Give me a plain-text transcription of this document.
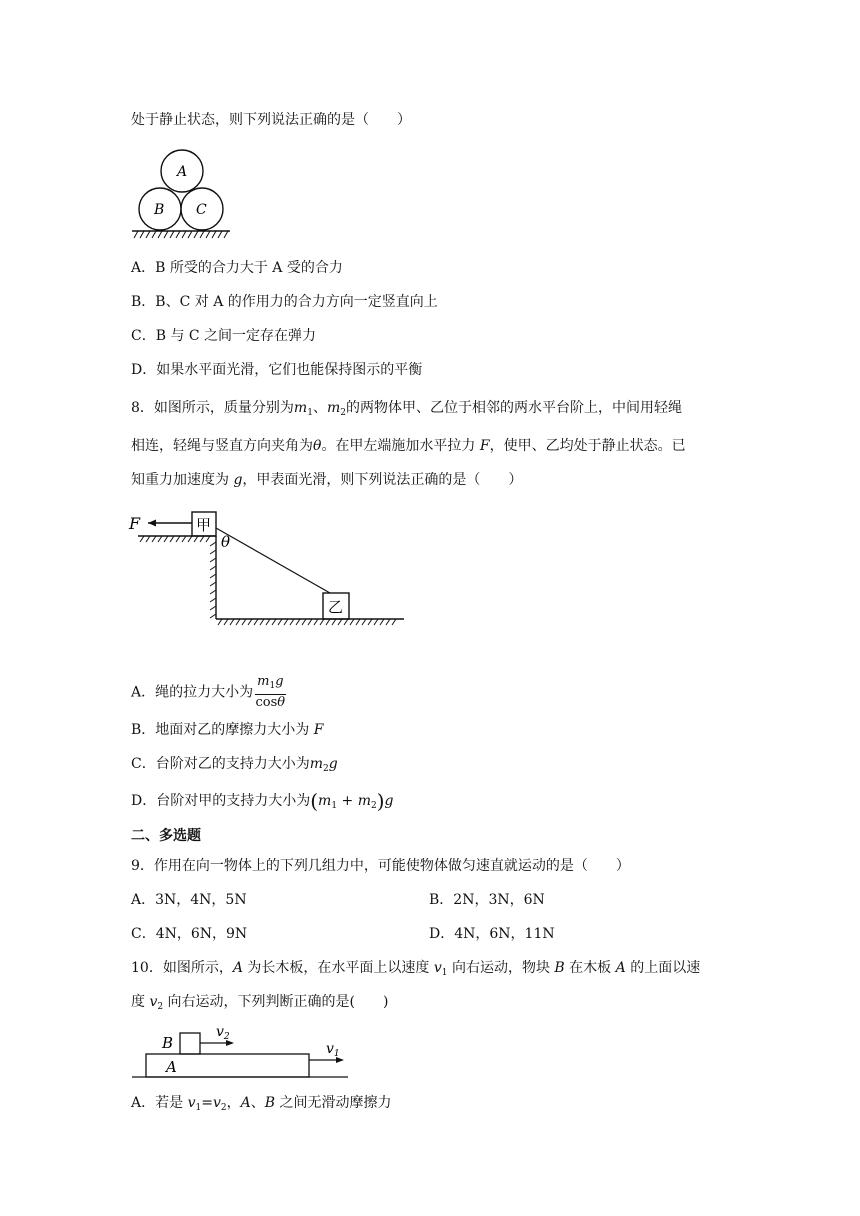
处于静止状态，则下列说法正确的是（　　）
A
B C
A．B 所受的合力大于 A 受的合力
B．B、C 对 A 的作用力的合力方向一定竖直向上
C．B 与 C 之间一定存在弹力
D．如果水平面光滑，它们也能保持图示的平衡
8．如图所示，质量分别为$m_1$、$m_2$的两物体甲、乙位于相邻的两水平台阶上，中间用轻绳
相连，轻绳与竖直方向夹角为θ。在甲左端施加水平拉力 F，使甲、乙均处于静止状态。已
知重力加速度为 g，甲表面光滑，则下列说法正确的是（　　）
F	甲
乙
θ
A．绳的拉力大小为 $\frac{m_1g}{\cos\theta}$
B．地面对乙的摩擦力大小为 F
C．台阶对乙的支持力大小为$m_2g$
D．台阶对甲的支持力大小为$(m_1 + m_2)g$
二、多选题
9．作用在向一物体上的下列几组力中，可能使物体做匀速直就运动的是（　　）
A．3N，4N，5N	B．2N，3N，6N
C．4N，6N，9N	D．4N，6N，11N
10．如图所示，A 为长木板，在水平面上以速度 $v_1$ 向右运动，物块 B 在木板 A 的上面以速
度 $v_2$ 向右运动，下列判断正确的是(　　)
B
A
$v_2$
$v_1$
A．若是 $v_1=v_2$，A、B 之间无滑动摩擦力
